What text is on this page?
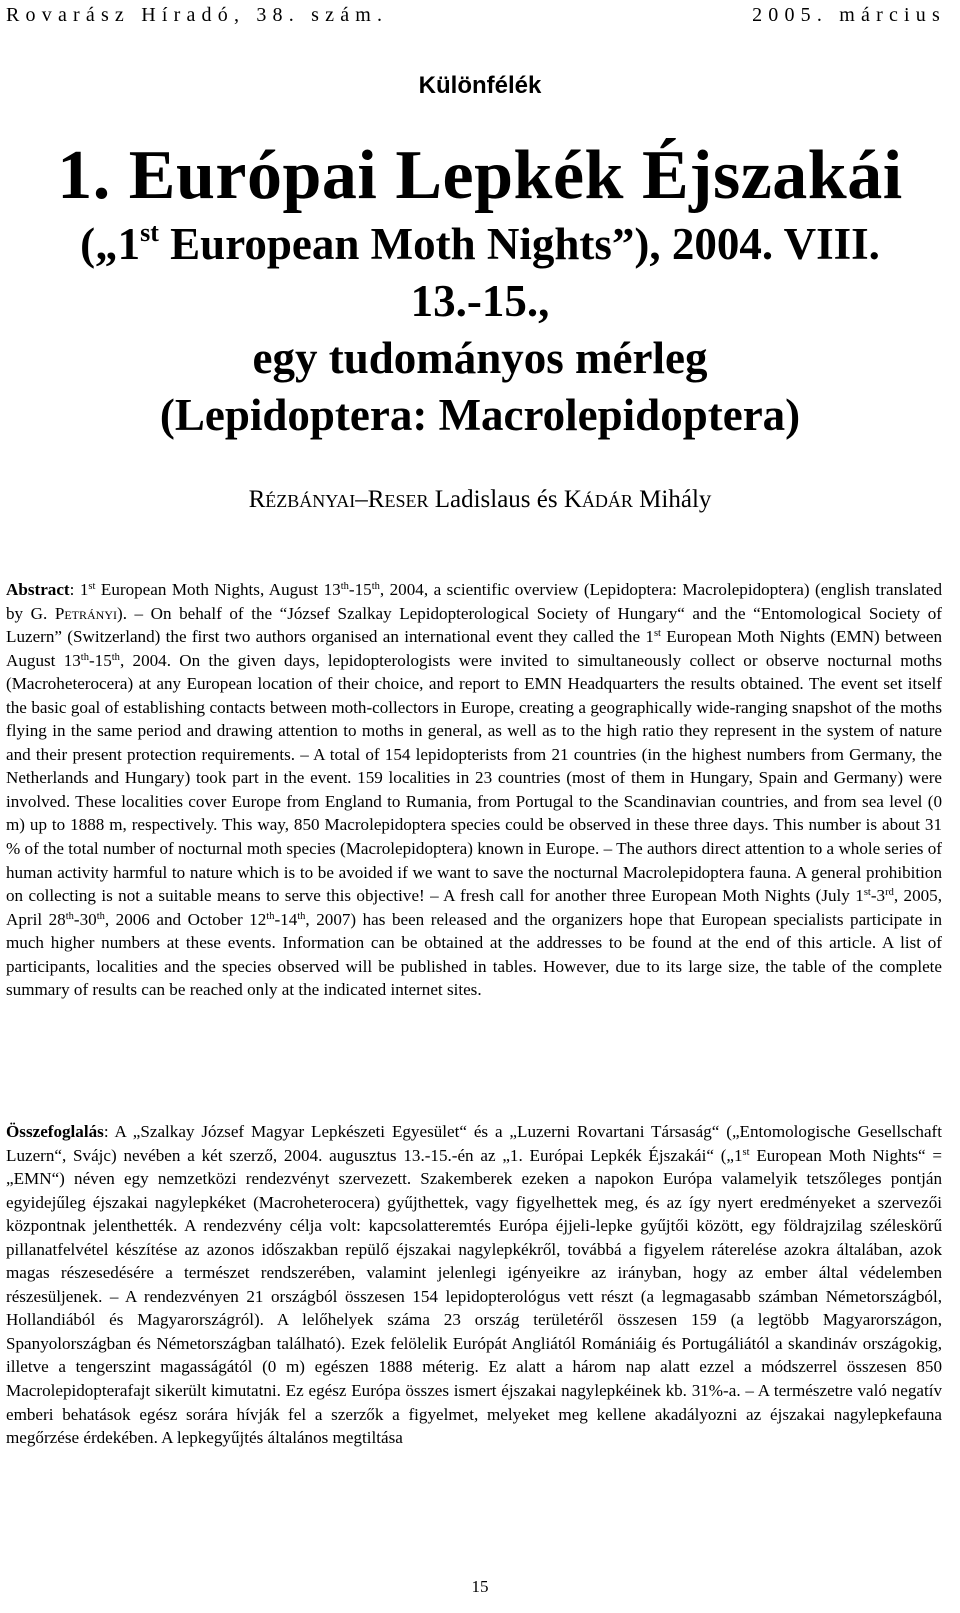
Rovarász Híradó, 38. szám.	2005. március
Különfélék
1. Európai Lepkék Éjszakái
(„1st European Moth Nights”), 2004. VIII.
13.-15.,
egy tudományos mérleg
(Lepidoptera: Macrolepidoptera)
Rézbányai–Reser Ladislaus és Kádár Mihály
Abstract: 1st European Moth Nights, August 13th-15th, 2004, a scientific overview (Lepidoptera: Macrolepidoptera) (english translated by G. Petrányi). – On behalf of the “József Szalkay Lepidopterological Society of Hungary“ and the “Entomological Society of Luzern” (Switzerland) the first two authors organised an international event they called the 1st European Moth Nights (EMN) between August 13th-15th, 2004. On the given days, lepidopterologists were invited to simultaneously collect or observe nocturnal moths (Macroheterocera) at any European location of their choice, and report to EMN Headquarters the results obtained. The event set itself the basic goal of establishing contacts between moth-collectors in Europe, creating a geographically wide-ranging snapshot of the moths flying in the same period and drawing attention to moths in general, as well as to the high ratio they represent in the system of nature and their present protection requirements. – A total of 154 lepidopterists from 21 countries (in the highest numbers from Germany, the Netherlands and Hungary) took part in the event. 159 localities in 23 countries (most of them in Hungary, Spain and Germany) were involved. These localities cover Europe from England to Rumania, from Portugal to the Scandinavian countries, and from sea level (0 m) up to 1888 m, respectively. This way, 850 Macrolepidoptera species could be observed in these three days. This number is about 31 % of the total number of nocturnal moth species (Macrolepidoptera) known in Europe. – The authors direct attention to a whole series of human activity harmful to nature which is to be avoided if we want to save the nocturnal Macrolepidoptera fauna. A general prohibition on collecting is not a suitable means to serve this objective! – A fresh call for another three European Moth Nights (July 1st-3rd, 2005, April 28th-30th, 2006 and October 12th-14th, 2007) has been released and the organizers hope that European specialists participate in much higher numbers at these events. Information can be obtained at the addresses to be found at the end of this article. A list of participants, localities and the species observed will be published in tables. However, due to its large size, the table of the complete summary of results can be reached only at the indicated internet sites.
Összefoglalás: A „Szalkay József Magyar Lepkészeti Egyesület“ és a „Luzerni Rovartani Társaság“ („Entomologische Gesellschaft Luzern“, Svájc) nevében a két szerző, 2004. augusztus 13.-15.-én az „1. Európai Lepkék Éjszakái“ („1st European Moth Nights“ = „EMN“) néven egy nemzetközi rendezvényt szervezett. Szakemberek ezeken a napokon Európa valamelyik tetszőleges pontján egyidejűleg éjszakai nagylepkéket (Macroheterocera) gyűjthettek, vagy figyelhettek meg, és az így nyert eredményeket a szervezői központnak jelenthették. A rendezvény célja volt: kapcsolatteremtés Európa éjjeli-lepke gyűjtői között, egy földrajzilag széleskörű pillanatfelvétel készítése az azonos időszakban repülő éjszakai nagylepkékről, továbbá a figyelem ráterelése azokra általában, azok magas részesedésére a természet rendszerében, valamint jelenlegi igényeikre az irányban, hogy az ember által védelemben részesüljenek. – A rendezvényen 21 országból összesen 154 lepidopterológus vett részt (a legmagasabb számban Németországból, Hollandiából és Magyarországról). A lelőhelyek száma 23 ország területéről összesen 159 (a legtöbb Magyarországon, Spanyolországban és Németországban található). Ezek felölelik Európát Angliától Romániáig és Portugáliától a skandináv országokig, illetve a tengerszint magasságától (0 m) egészen 1888 méterig. Ez alatt a három nap alatt ezzel a módszerrel összesen 850 Macrolepidopterafajt sikerült kimutatni. Ez egész Európa összes ismert éjszakai nagylepkéinek kb. 31%-a. – A természetre való negatív emberi behatások egész sorára hívják fel a szerzők a figyelmet, melyeket meg kellene akadályozni az éjszakai nagylepkefauna megőrzése érdekében. A lepkegyűjtés általános megtiltása
15
